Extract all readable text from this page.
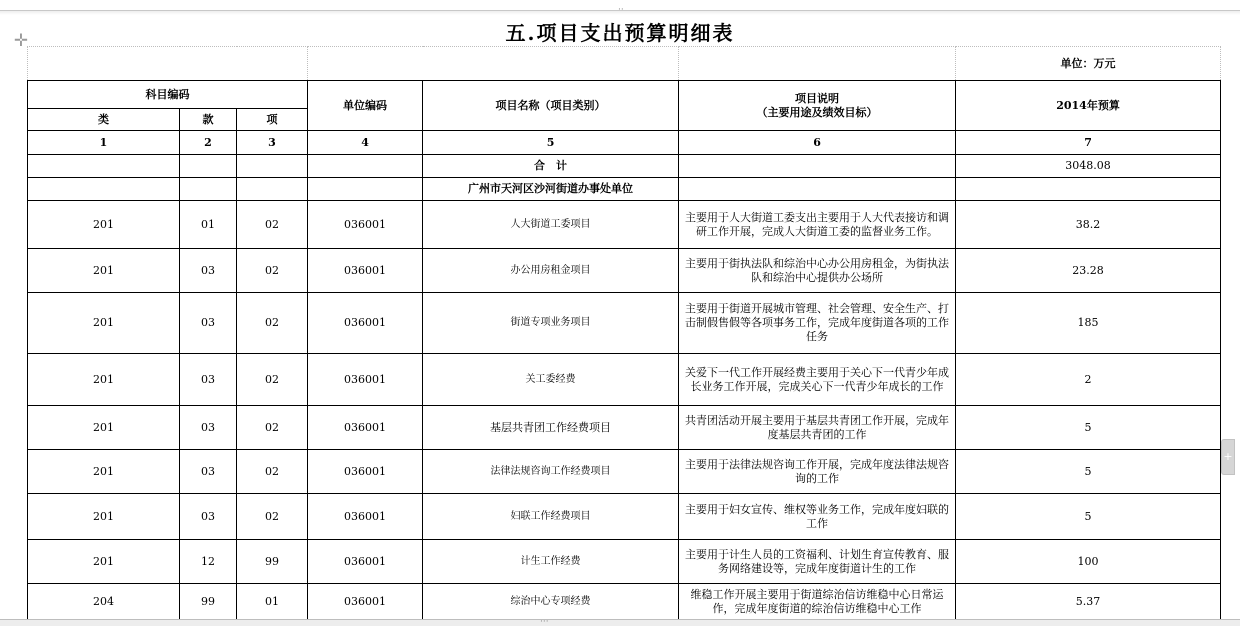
··
✛
+
五.项目支出预算明细表
						单位：万元
科目编码			单位编码	项目名称（项目类别）	项目说明
（主要用途及绩效目标）	2014年预算
类	款	项				
1	2	3	4	5	6	7
				合　计		3048.08
				广州市天河区沙河街道办事处单位		
201	01	02	036001	人大街道工委项目	主要用于人大街道工委支出主要用于人大代表接访和调研工作开展，完成人大街道工委的监督业务工作。	38.2
201	03	02	036001	办公用房租金项目	主要用于街执法队和综治中心办公用房租金，为街执法队和综治中心提供办公场所	23.28
201	03	02	036001	街道专项业务项目	主要用于街道开展城市管理、社会管理、安全生产、打击制假售假等各项事务工作，完成年度街道各项的工作任务	185
201	03	02	036001	关工委经费	关爱下一代工作开展经费主要用于关心下一代青少年成长业务工作开展，完成关心下一代青少年成长的工作	2
201	03	02	036001	基层共青团工作经费项目	共青团活动开展主要用于基层共青团工作开展，完成年度基层共青团的工作	5
201	03	02	036001	法律法规咨询工作经费项目	主要用于法律法规咨询工作开展，完成年度法律法规咨询的工作	5
201	03	02	036001	妇联工作经费项目	主要用于妇女宣传、维权等业务工作，完成年度妇联的工作	5
201	12	99	036001	计生工作经费	主要用于计生人员的工资福利、计划生育宣传教育、服务网络建设等，完成年度街道计生的工作	100
204	99	01	036001	综治中心专项经费	维稳工作开展主要用于街道综治信访维稳中心日常运作，完成年度街道的综治信访维稳中心工作	5.37
···
